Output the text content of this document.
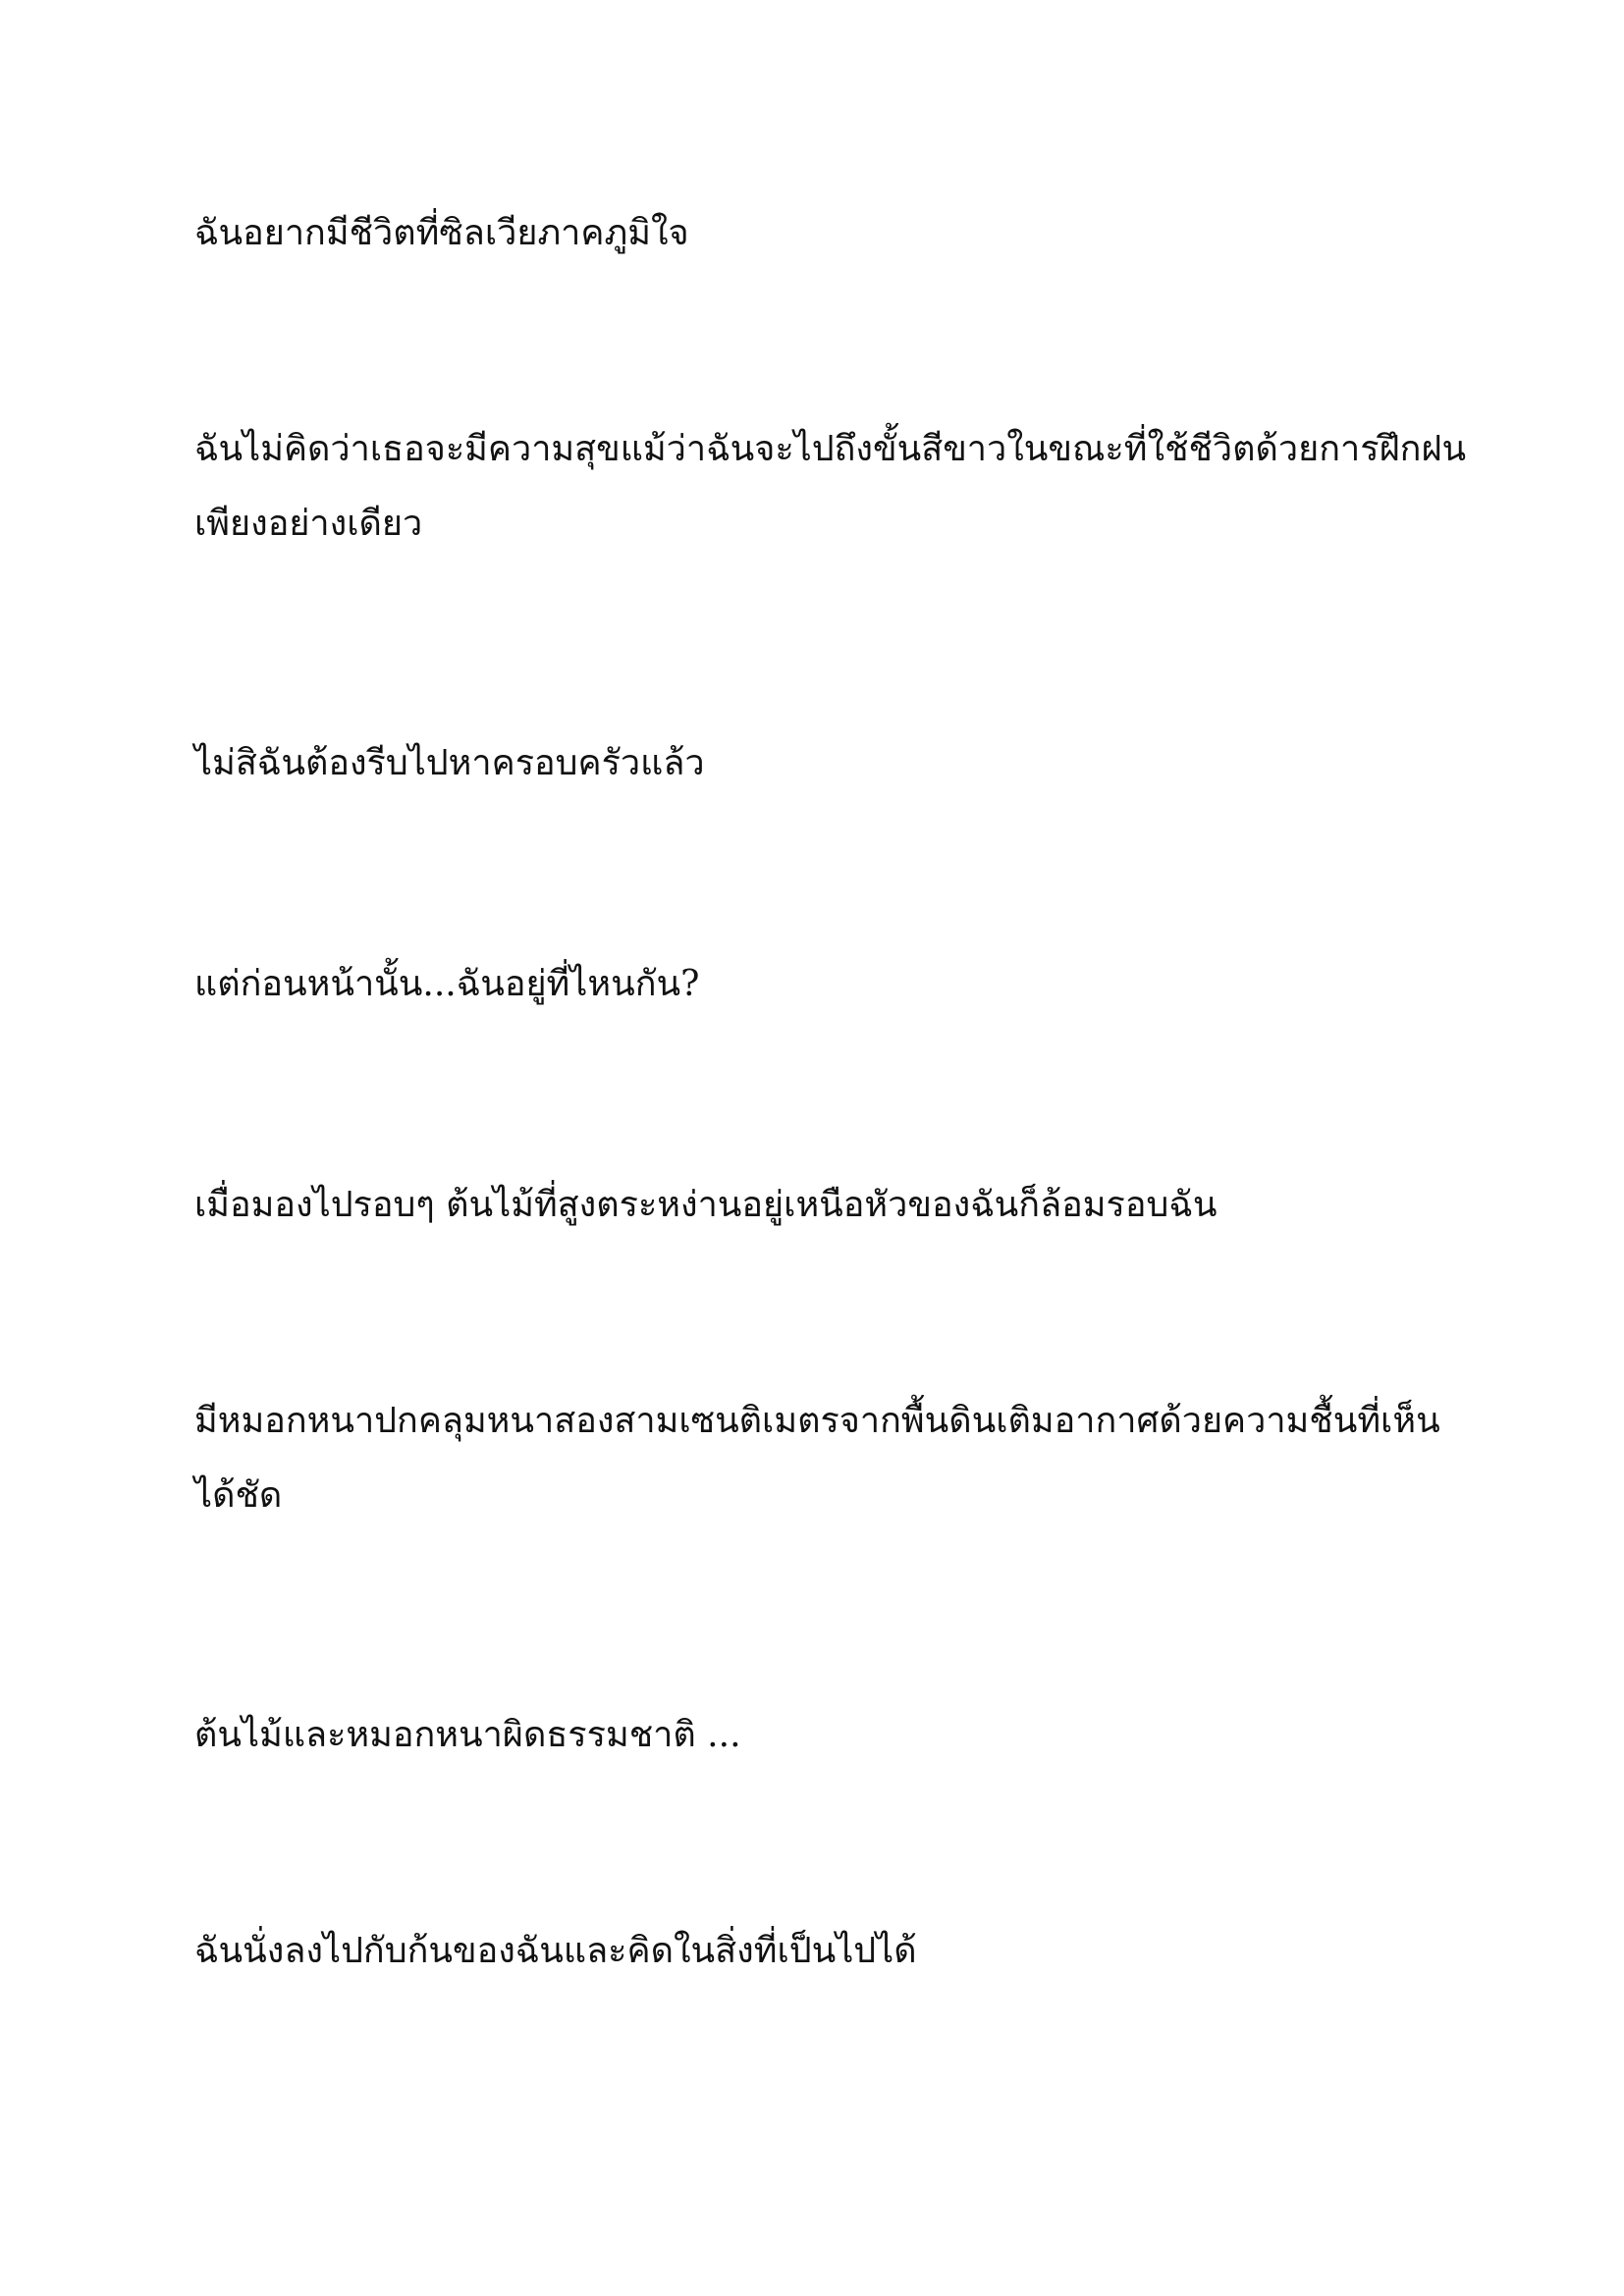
ฉันอยากมีชีวิตที่ซิลเวียภาคภูมิใจ
ฉันไม่คิดว่าเธอจะมีความสุขแม้ว่าฉันจะไปถึงขั้นสีขาวในขณะที่ใช้ชีวิตด้วยการฝึกฝน
เพียงอย่างเดียว
ไม่สิฉันต้องรีบไปหาครอบครัวแล้ว
แต่ก่อนหน้านั้น...ฉันอยู่ที่ไหนกัน?
เมื่อมองไปรอบๆ ต้นไม้ที่สูงตระหง่านอยู่เหนือหัวของฉันก็ล้อมรอบฉัน
มีหมอกหนาปกคลุมหนาสองสามเซนติเมตรจากพื้นดินเติมอากาศด้วยความชื้นที่เห็น
ได้ชัด
ต้นไม้และหมอกหนาผิดธรรมชาติ ...
ฉันนั่งลงไปกับก้นของฉันและคิดในสิ่งที่เป็นไปได้
